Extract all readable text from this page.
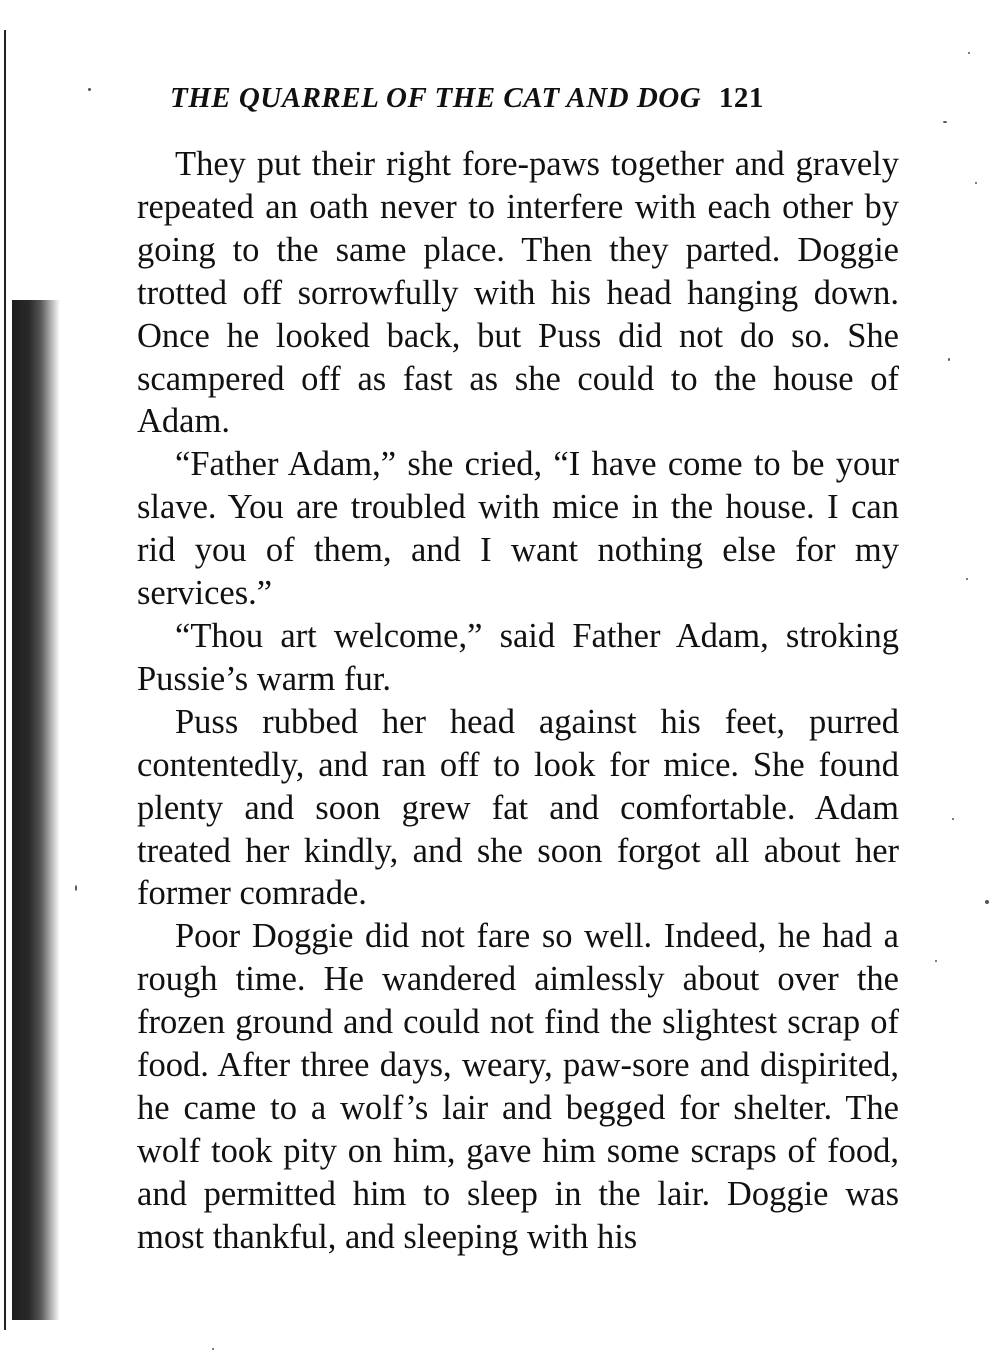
THE QUARREL OF THE CAT AND DOG 121

They put their right fore-paws together and gravely repeated an oath never to interfere with each other by going to the same place. Then they parted. Doggie trotted off sorrowfully with his head hanging down. Once he looked back, but Puss did not do so. She scampered off as fast as she could to the house of Adam.

“Father Adam,” she cried, “I have come to be your slave. You are troubled with mice in the house. I can rid you of them, and I want nothing else for my services.”

“Thou art welcome,” said Father Adam, stroking Pussie’s warm fur.

Puss rubbed her head against his feet, purred contentedly, and ran off to look for mice. She found plenty and soon grew fat and comfortable. Adam treated her kindly, and she soon forgot all about her former comrade.

Poor Doggie did not fare so well. Indeed, he had a rough time. He wandered aimlessly about over the frozen ground and could not find the slightest scrap of food. After three days, weary, paw-sore and dispirited, he came to a wolf’s lair and begged for shelter. The wolf took pity on him, gave him some scraps of food, and permitted him to sleep in the lair. Doggie was most thankful, and sleeping with his
